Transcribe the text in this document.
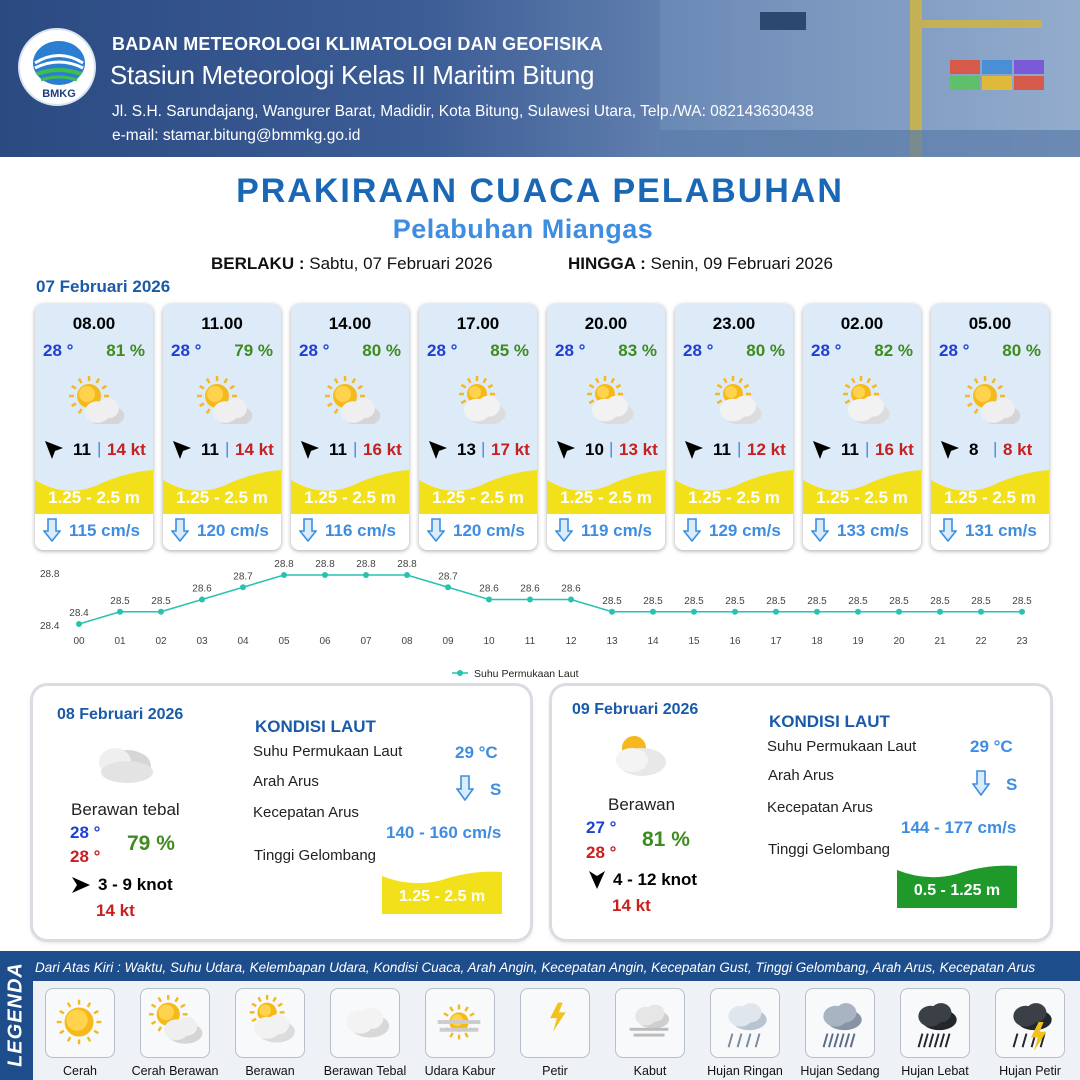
BMKG
BADAN METEOROLOGI KLIMATOLOGI DAN GEOFISIKA
Stasiun Meteorologi Kelas II Maritim Bitung
Jl. S.H. Sarundajang, Wangurer Barat, Madidir, Kota Bitung, Sulawesi Utara, Telp./WA: 082143630438
e-mail: stamar.bitung@bmmkg.go.id
PRAKIRAAN CUACA PELABUHAN
Pelabuhan Miangas
BERLAKU : Sabtu, 07 Februari 2026	HINGGA : Senin, 09 Februari 2026
07 Februari 2026
08.00
28 ° 81 %
11 | 14 kt
1.25 - 2.5 m
115 cm/s
11.00
28 ° 79 %
11 | 14 kt
1.25 - 2.5 m
120 cm/s
14.00
28 ° 80 %
11 | 16 kt
1.25 - 2.5 m
116 cm/s
17.00
28 ° 85 %
13 | 17 kt
1.25 - 2.5 m
120 cm/s
20.00
28 ° 83 %
10 | 13 kt
1.25 - 2.5 m
119 cm/s
23.00
28 ° 80 %
11 | 12 kt
1.25 - 2.5 m
129 cm/s
02.00
28 ° 82 %
11 | 16 kt
1.25 - 2.5 m
133 cm/s
05.00
28 ° 80 %
8 | 8 kt
1.25 - 2.5 m
131 cm/s
28.8
28.4
28.4
00
28.5
01
28.5
02
28.6
03
28.7
04
28.8
05
28.8
06
28.8
07
28.8
08
28.7
09
28.6
10
28.6
11
28.6
12
28.5
13
28.5
14
28.5
15
28.5
16
28.5
17
28.5
18
28.5
19
28.5
20
28.5
21
28.5
22
28.5
23
Suhu Permukaan Laut
08 Februari 2026
Berawan tebal
28 °
28 °
79 %
3 - 9 knot
14 kt
KONDISI LAUT
Suhu Permukaan Laut	29 °C
Arah Arus	S
Kecepatan Arus
140 - 160 cm/s
Tinggi Gelombang
1.25 - 2.5 m
09 Februari 2026
Berawan
27 °
28 °
81 %
4 - 12 knot
14 kt
KONDISI LAUT
Suhu Permukaan Laut	29 °C
Arah Arus	S
Kecepatan Arus
144 - 177 cm/s
Tinggi Gelombang
0.5 - 1.25 m
LEGENDA Dari Atas Kiri : Waktu, Suhu Udara, Kelembapan Udara, Kondisi Cuaca, Arah Angin, Kecepatan Angin, Kecepatan Gust, Tinggi Gelombang, Arah Arus, Kecepatan Arus
Cerah	Cerah Berawan	Berawan	Berawan Tebal	Udara Kabur	Petir	Kabut	Hujan Ringan	Hujan Sedang	Hujan Lebat	Hujan Petir
